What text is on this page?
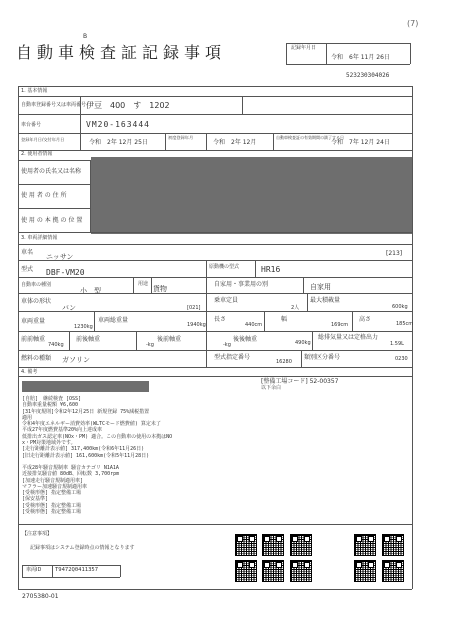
(7)
B
自動車検査証記録事項	記録年月日
令和　6年 11月 26日
523230304026
1. 基本情報
自動車登録番号又は車両番号 伊豆　400　す　1202
車台番号	VM20-163444
登録年月日/交付年月日	令和　2年 12月 25日
初度登録年月
令和　2年 12月
自動車検査証の有効期間の満了する日
令和　7年 12月 24日
2. 使用者情報
使用者の氏名又は名称
使 用 者 の 住 所
使 用 の 本 拠 の 位 置
3. 車両詳細情報
車名
ニッサン	[213]
型式 DBF-VM20
原動機の型式	HR16
自動車の種別
小　型
用途
貨物
自家用・事業用の別	自家用
車体の形状
バン	[021]
乗車定員
2人
最大積載量
600kg
車両重量
1230kg
車両総重量
1940kg
長さ
440cm
幅
169cm
高さ
185cm
前前軸重
740kg
前後軸重
-kg
後前軸重
-kg
後後軸重	490kg
総排気量又は定格出力
1.59L
燃料の種類 ガソリン	型式指定番号
16280
類別区分番号	0230
4. 備考
[整備工場コード] 52-00357
以下余白
[自賠]　継続検査 [OSS]
自動車重量税額 ¥6,600
[31年度規則]令和2年12月25日 新規登録 75%減税措置
適用
令和4年度エネルギー消費効率(WLTCモード燃費値) 算定未了
平成27年度燃費基準20%向上達成車
低排出ガス認定車(NOx・PM) 適合。この自動車の使用の本拠はNO
x・PM対策地域外です。
[走行距離計表示値] 317,400km(令和6年11月26日)
[旧走行距離計表示値] 161,600km(令和5年11月28日)
平成28年騒音規制車 騒音カテゴリ N1A1A
近接排気騒音値 80dB、回転数 3,700rpm
[加速走行騒音規制適用車]
マフラー加速騒音規制適用車
[受検形態] 指定整備工場
[保安基準]
[受検形態] 指定整備工場
[受検形態] 指定整備工場
【注意事項】
記録事項はシステム登録時点の情報となります
車両ID T9472Q0411357
2705380-01
